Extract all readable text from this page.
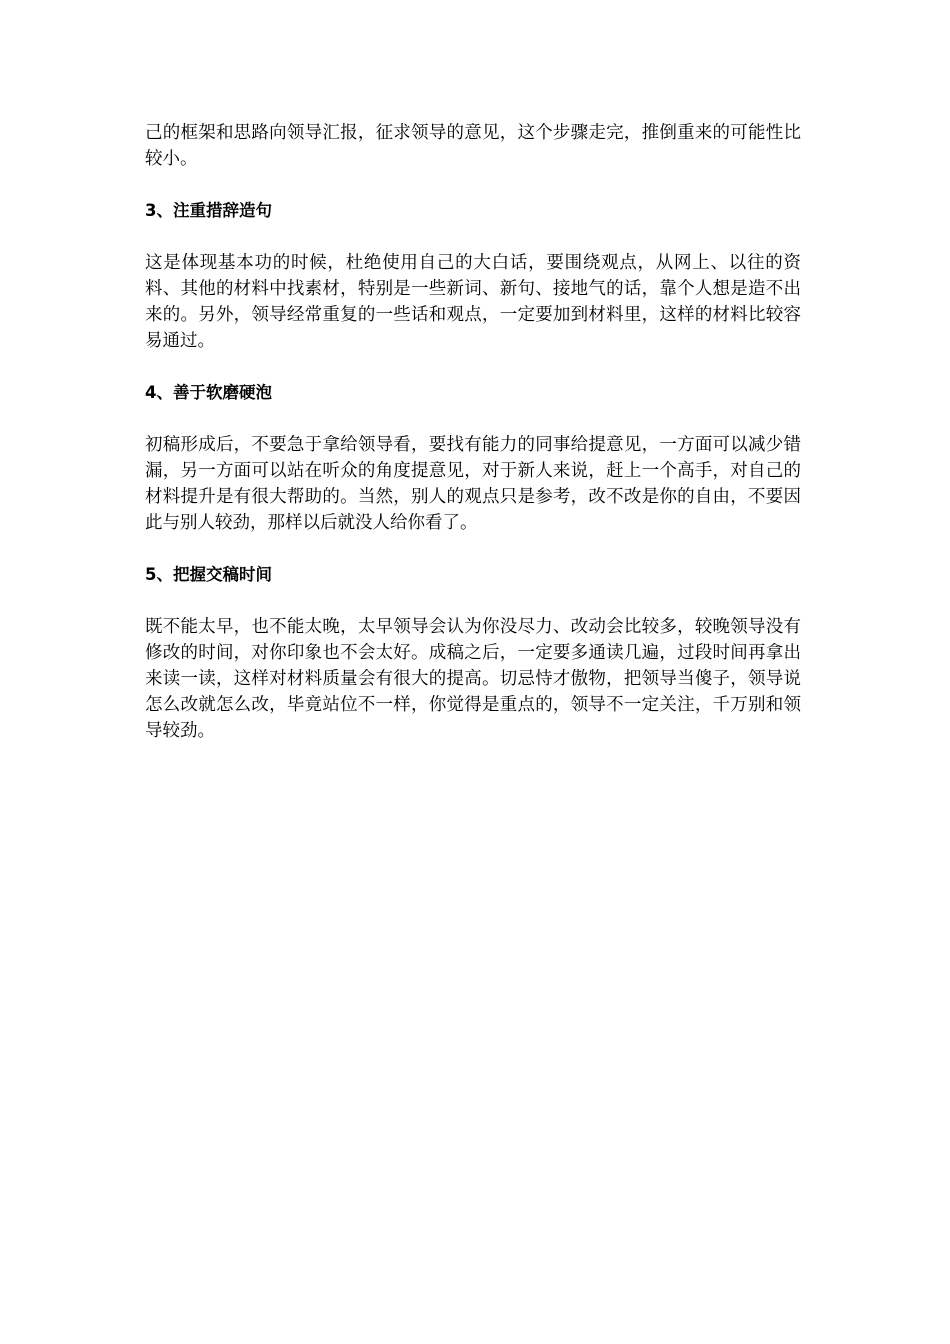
己的框架和思路向领导汇报，征求领导的意见，这个步骤走完，推倒重来的可能性比较小。

3、注重措辞造句

这是体现基本功的时候，杜绝使用自己的大白话，要围绕观点，从网上、以往的资料、其他的材料中找素材，特别是一些新词、新句、接地气的话，靠个人想是造不出来的。另外，领导经常重复的一些话和观点，一定要加到材料里，这样的材料比较容易通过。

4、善于软磨硬泡

初稿形成后，不要急于拿给领导看，要找有能力的同事给提意见，一方面可以减少错漏，另一方面可以站在听众的角度提意见，对于新人来说，赶上一个高手，对自己的材料提升是有很大帮助的。当然，别人的观点只是参考，改不改是你的自由，不要因此与别人较劲，那样以后就没人给你看了。

5、把握交稿时间

既不能太早，也不能太晚，太早领导会认为你没尽力、改动会比较多，较晚领导没有修改的时间，对你印象也不会太好。成稿之后，一定要多通读几遍，过段时间再拿出来读一读，这样对材料质量会有很大的提高。切忌恃才傲物，把领导当傻子，领导说怎么改就怎么改，毕竟站位不一样，你觉得是重点的，领导不一定关注，千万别和领导较劲。
